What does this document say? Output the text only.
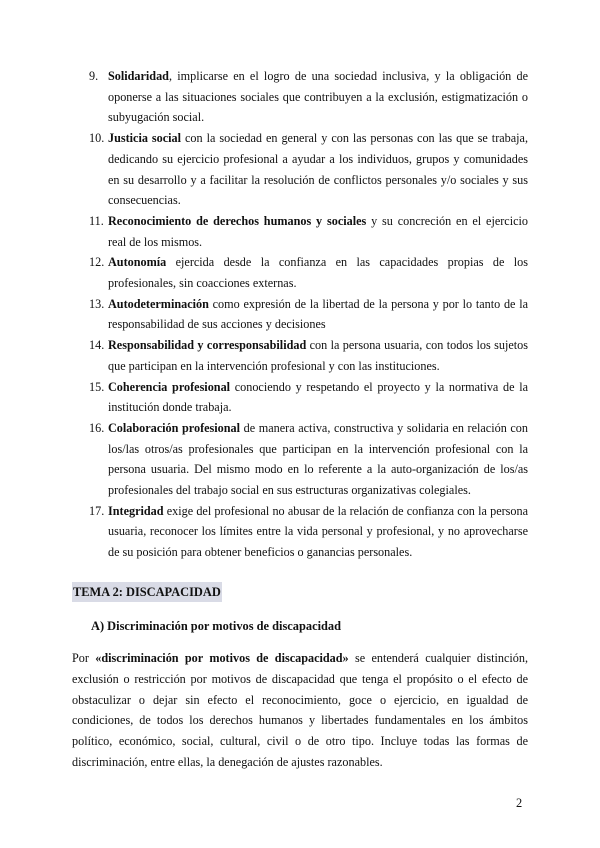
9. Solidaridad, implicarse en el logro de una sociedad inclusiva, y la obligación de oponerse a las situaciones sociales que contribuyen a la exclusión, estigmatización o subyugación social.
10. Justicia social con la sociedad en general y con las personas con las que se trabaja, dedicando su ejercicio profesional a ayudar a los individuos, grupos y comunidades en su desarrollo y a facilitar la resolución de conflictos personales y/o sociales y sus consecuencias.
11. Reconocimiento de derechos humanos y sociales y su concreción en el ejercicio real de los mismos.
12. Autonomía ejercida desde la confianza en las capacidades propias de los profesionales, sin coacciones externas.
13. Autodeterminación como expresión de la libertad de la persona y por lo tanto de la responsabilidad de sus acciones y decisiones
14. Responsabilidad y corresponsabilidad con la persona usuaria, con todos los sujetos que participan en la intervención profesional y con las instituciones.
15. Coherencia profesional conociendo y respetando el proyecto y la normativa de la institución donde trabaja.
16. Colaboración profesional de manera activa, constructiva y solidaria en relación con los/las otros/as profesionales que participan en la intervención profesional con la persona usuaria. Del mismo modo en lo referente a la auto-organización de los/as profesionales del trabajo social en sus estructuras organizativas colegiales.
17. Integridad exige del profesional no abusar de la relación de confianza con la persona usuaria, reconocer los límites entre la vida personal y profesional, y no aprovecharse de su posición para obtener beneficios o ganancias personales.
TEMA 2: DISCAPACIDAD
A) Discriminación por motivos de discapacidad

Por «discriminación por motivos de discapacidad» se entenderá cualquier distinción, exclusión o restricción por motivos de discapacidad que tenga el propósito o el efecto de obstaculizar o dejar sin efecto el reconocimiento, goce o ejercicio, en igualdad de condiciones, de todos los derechos humanos y libertades fundamentales en los ámbitos político, económico, social, cultural, civil o de otro tipo. Incluye todas las formas de discriminación, entre ellas, la denegación de ajustes razonables.

2
